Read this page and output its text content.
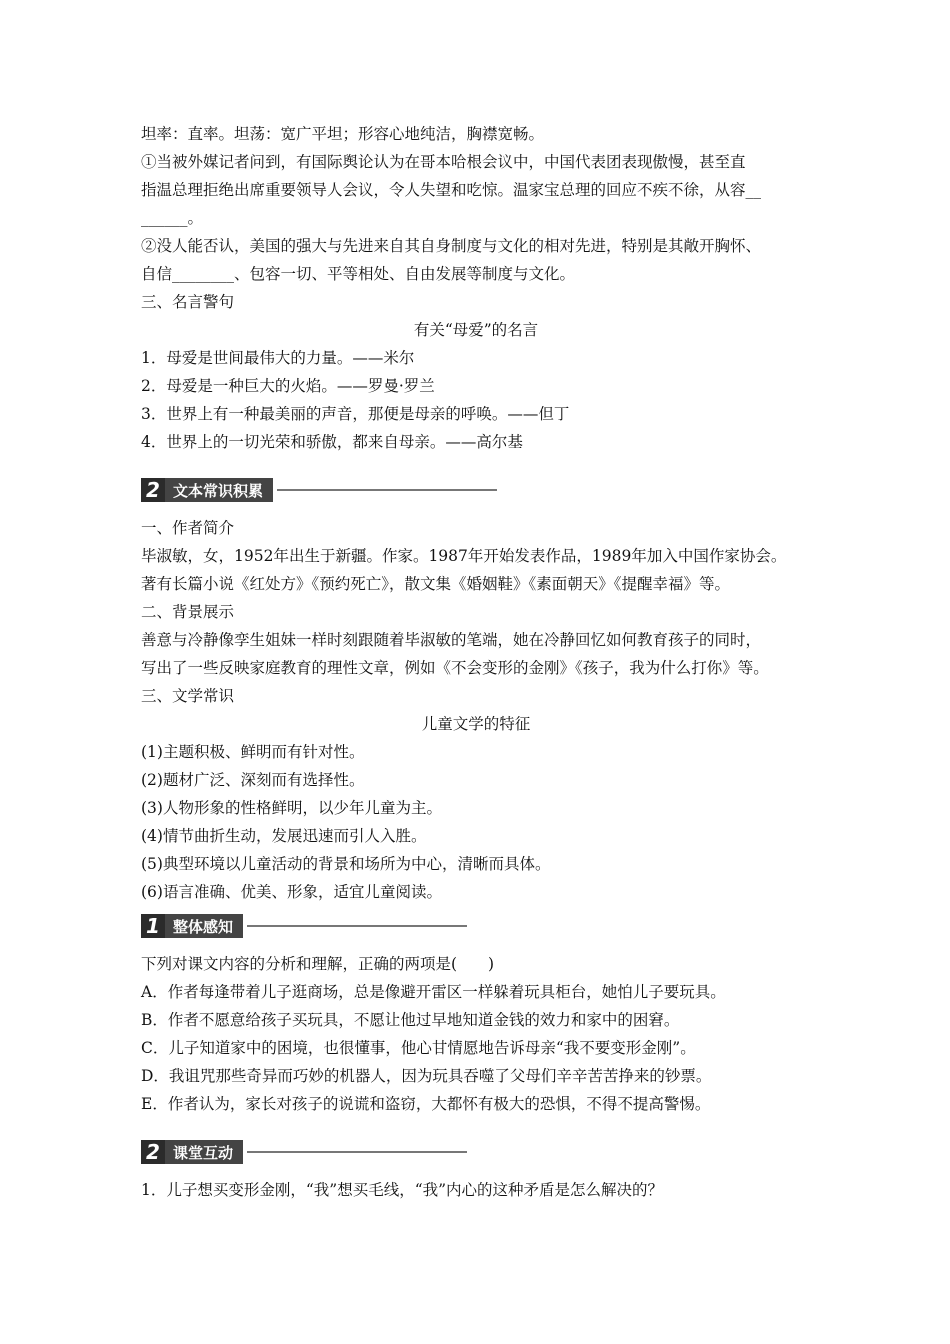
坦率：直率。坦荡：宽广平坦；形容心地纯洁，胸襟宽畅。
①当被外媒记者问到，有国际舆论认为在哥本哈根会议中，中国代表团表现傲慢，甚至直
指温总理拒绝出席重要领导人会议，令人失望和吃惊。温家宝总理的回应不疾不徐，从容__
______。
②没人能否认，美国的强大与先进来自其自身制度与文化的相对先进，特别是其敞开胸怀、
自信________、包容一切、平等相处、自由发展等制度与文化。
三、名言警句
有关“母爱”的名言
1．母爱是世间最伟大的力量。——米尔
2．母爱是一种巨大的火焰。——罗曼·罗兰
3．世界上有一种最美丽的声音，那便是母亲的呼唤。——但丁
4．世界上的一切光荣和骄傲，都来自母亲。——高尔基
2 文本常识积累
一、作者简介
毕淑敏，女，1952年出生于新疆。作家。1987年开始发表作品，1989年加入中国作家协会。
著有长篇小说《红处方》《预约死亡》，散文集《婚姻鞋》《素面朝天》《提醒幸福》等。
二、背景展示
善意与冷静像孪生姐妹一样时刻跟随着毕淑敏的笔端，她在冷静回忆如何教育孩子的同时，
写出了一些反映家庭教育的理性文章，例如《不会变形的金刚》《孩子，我为什么打你》等。
三、文学常识
儿童文学的特征
(1)主题积极、鲜明而有针对性。
(2)题材广泛、深刻而有选择性。
(3)人物形象的性格鲜明，以少年儿童为主。
(4)情节曲折生动，发展迅速而引人入胜。
(5)典型环境以儿童活动的背景和场所为中心，清晰而具体。
(6)语言准确、优美、形象，适宜儿童阅读。
1 整体感知
下列对课文内容的分析和理解，正确的两项是(　　)
A．作者每逢带着儿子逛商场，总是像避开雷区一样躲着玩具柜台，她怕儿子要玩具。
B．作者不愿意给孩子买玩具，不愿让他过早地知道金钱的效力和家中的困窘。
C．儿子知道家中的困境，也很懂事，他心甘情愿地告诉母亲“我不要变形金刚”。
D．我诅咒那些奇异而巧妙的机器人，因为玩具吞噬了父母们辛辛苦苦挣来的钞票。
E．作者认为，家长对孩子的说谎和盗窃，大都怀有极大的恐惧，不得不提高警惕。
2 课堂互动
1．儿子想买变形金刚，“我”想买毛线，“我”内心的这种矛盾是怎么解决的？
